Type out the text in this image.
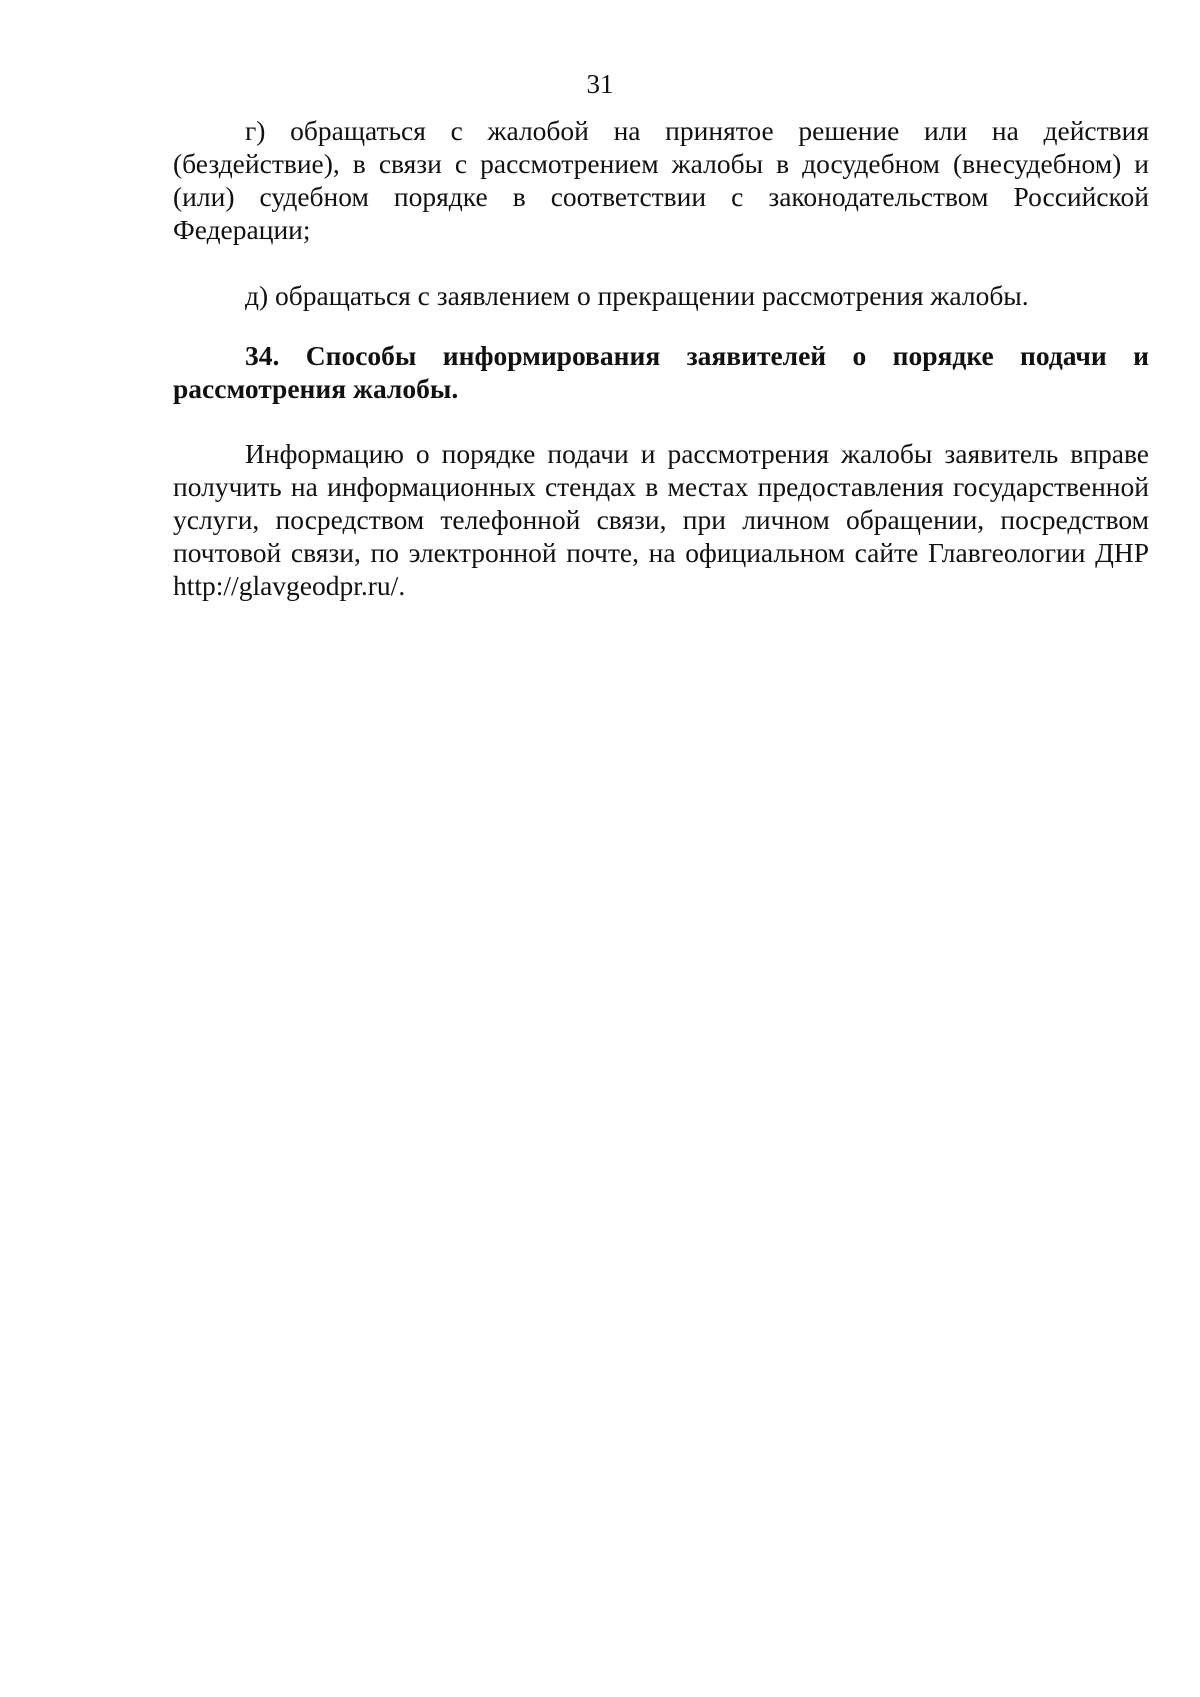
31

г) обращаться с жалобой на принятое решение или на действия (бездействие), в связи с рассмотрением жалобы в досудебном (внесудебном) и (или) судебном порядке в соответствии с законодательством Российской Федерации;

д) обращаться с заявлением о прекращении рассмотрения жалобы.

34. Способы информирования заявителей о порядке подачи и рассмотрения жалобы.

Информацию о порядке подачи и рассмотрения жалобы заявитель вправе получить на информационных стендах в местах предоставления государственной услуги, посредством телефонной связи, при личном обращении, посредством почтовой связи, по электронной почте, на официальном сайте Главгеологии ДНР http://glavgeodpr.ru/.
